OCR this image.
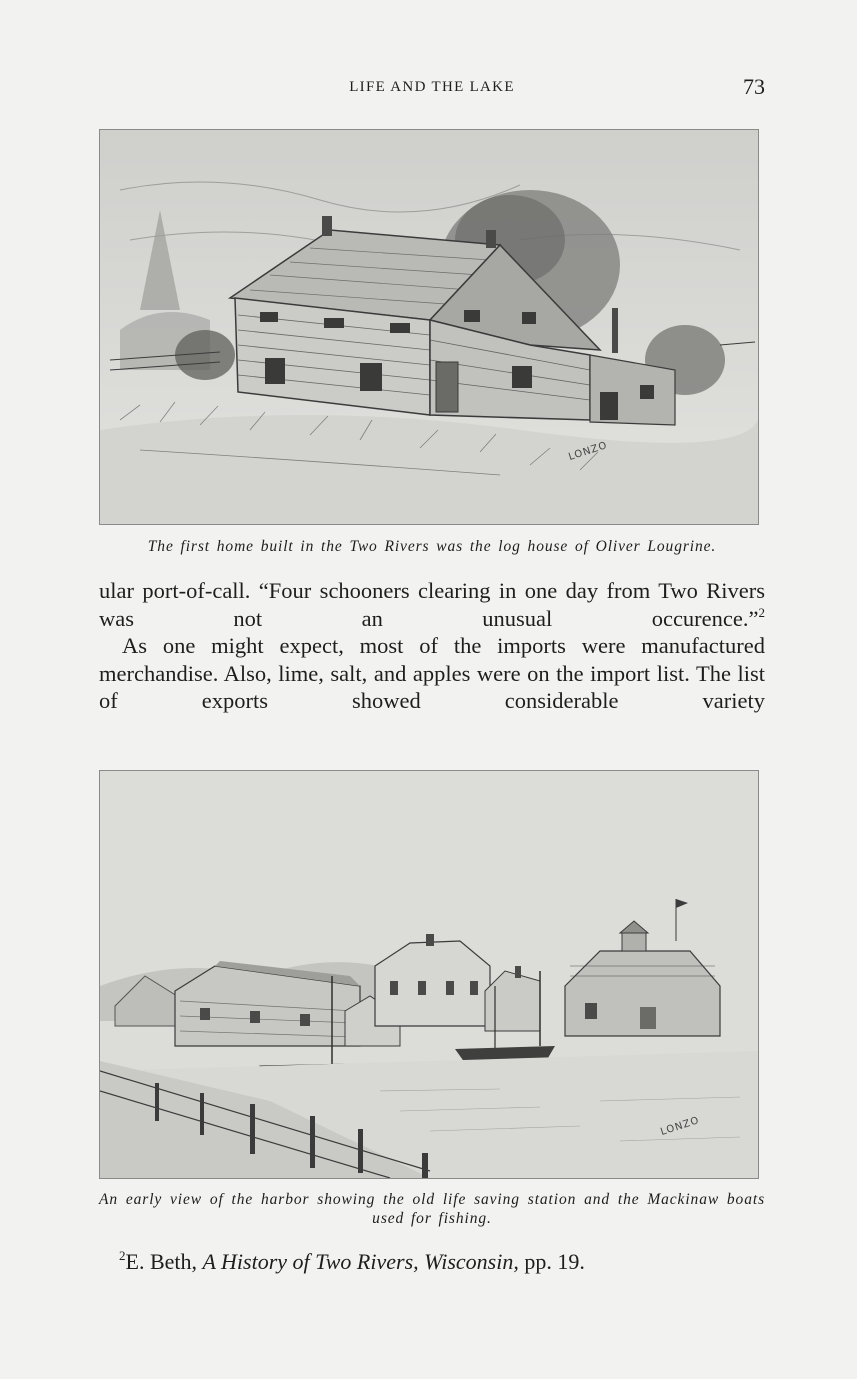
LIFE AND THE LAKE	73
LONZO
The first home built in the Two Rivers was the log house of Oliver Lougrine.

ular port-of-call. “Four schooners clearing in one day from Two Rivers was not an unusual occurence.”$^2$

As one might expect, most of the imports were manufactured merchandise. Also, lime, salt, and apples were on the import list. The list of exports showed considerable variety

LONZO
An early view of the harbor showing the old life saving station and the Mackinaw boats used for fishing.
$^2$E. Beth, A History of Two Rivers, Wisconsin, pp. 19.
